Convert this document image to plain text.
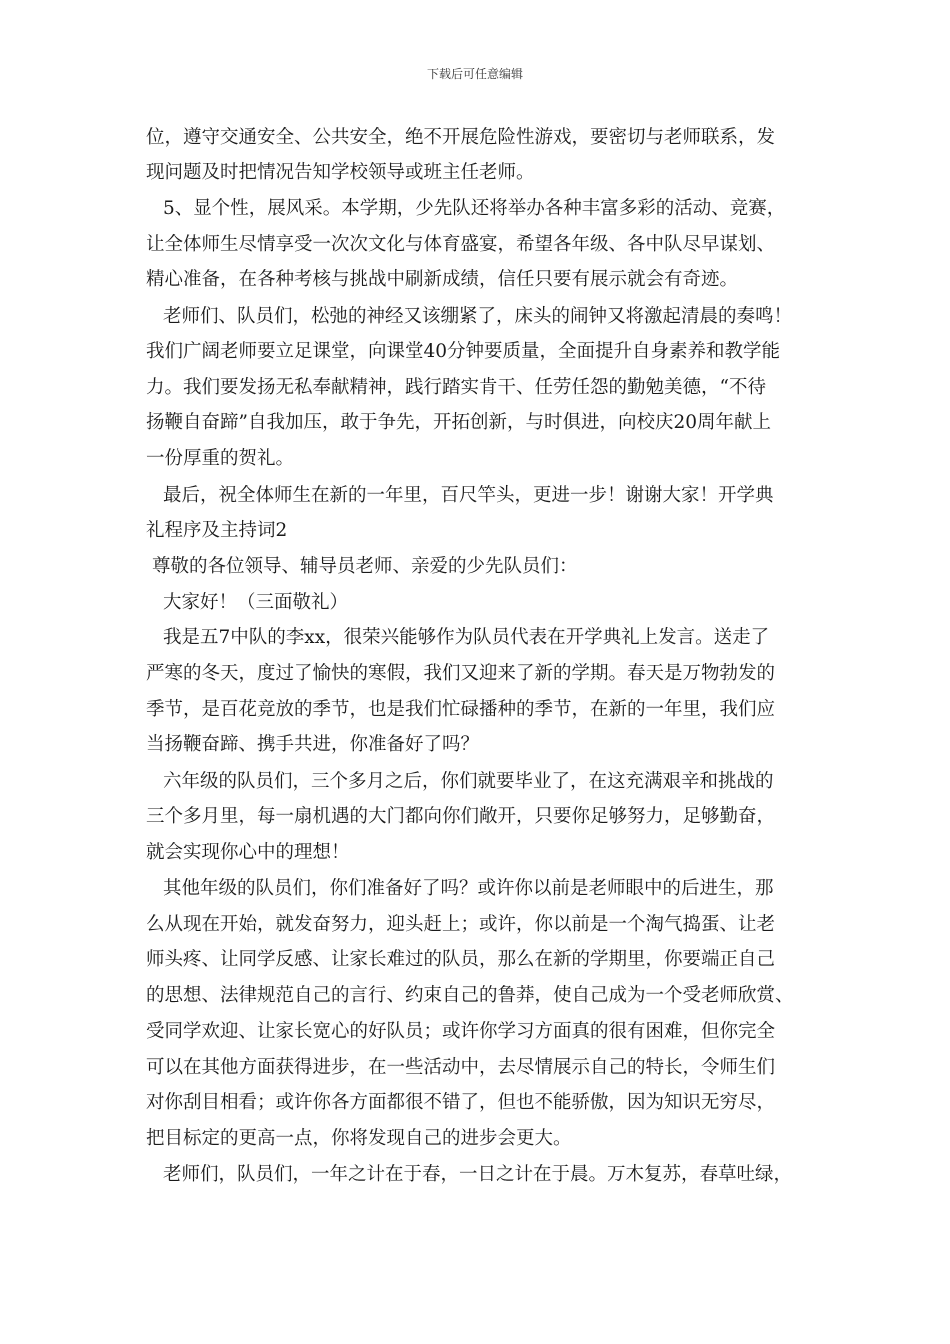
下载后可任意编辑
位，遵守交通安全、公共安全，绝不开展危险性游戏，要密切与老师联系，发
现问题及时把情况告知学校领导或班主任老师。
5、显个性，展风采。本学期，少先队还将举办各种丰富多彩的活动、竞赛，
让全体师生尽情享受一次次文化与体育盛宴，希望各年级、各中队尽早谋划、
精心准备，在各种考核与挑战中刷新成绩，信任只要有展示就会有奇迹。
老师们、队员们，松弛的神经又该绷紧了，床头的闹钟又将激起清晨的奏鸣！
我们广阔老师要立足课堂，向课堂40分钟要质量，全面提升自身素养和教学能
力。我们要发扬无私奉献精神，践行踏实肯干、任劳任怨的勤勉美德，“不待
扬鞭自奋蹄”自我加压，敢于争先，开拓创新，与时俱进，向校庆20周年献上
一份厚重的贺礼。
最后，祝全体师生在新的一年里，百尺竿头，更进一步！谢谢大家！开学典
礼程序及主持词2
尊敬的各位领导、辅导员老师、亲爱的少先队员们：
大家好！（三面敬礼）
我是五7中队的李xx，很荣兴能够作为队员代表在开学典礼上发言。送走了
严寒的冬天，度过了愉快的寒假，我们又迎来了新的学期。春天是万物勃发的
季节，是百花竞放的季节，也是我们忙碌播种的季节，在新的一年里，我们应
当扬鞭奋蹄、携手共进，你准备好了吗？
六年级的队员们，三个多月之后，你们就要毕业了，在这充满艰辛和挑战的
三个多月里，每一扇机遇的大门都向你们敞开，只要你足够努力，足够勤奋，
就会实现你心中的理想！
其他年级的队员们，你们准备好了吗？或许你以前是老师眼中的后进生，那
么从现在开始，就发奋努力，迎头赶上；或许，你以前是一个淘气捣蛋、让老
师头疼、让同学反感、让家长难过的队员，那么在新的学期里，你要端正自己
的思想、法律规范自己的言行、约束自己的鲁莽，使自己成为一个受老师欣赏、
受同学欢迎、让家长宽心的好队员；或许你学习方面真的很有困难，但你完全
可以在其他方面获得进步，在一些活动中，去尽情展示自己的特长，令师生们
对你刮目相看；或许你各方面都很不错了，但也不能骄傲，因为知识无穷尽，
把目标定的更高一点，你将发现自己的进步会更大。
老师们，队员们，一年之计在于春，一日之计在于晨。万木复苏，春草吐绿，
